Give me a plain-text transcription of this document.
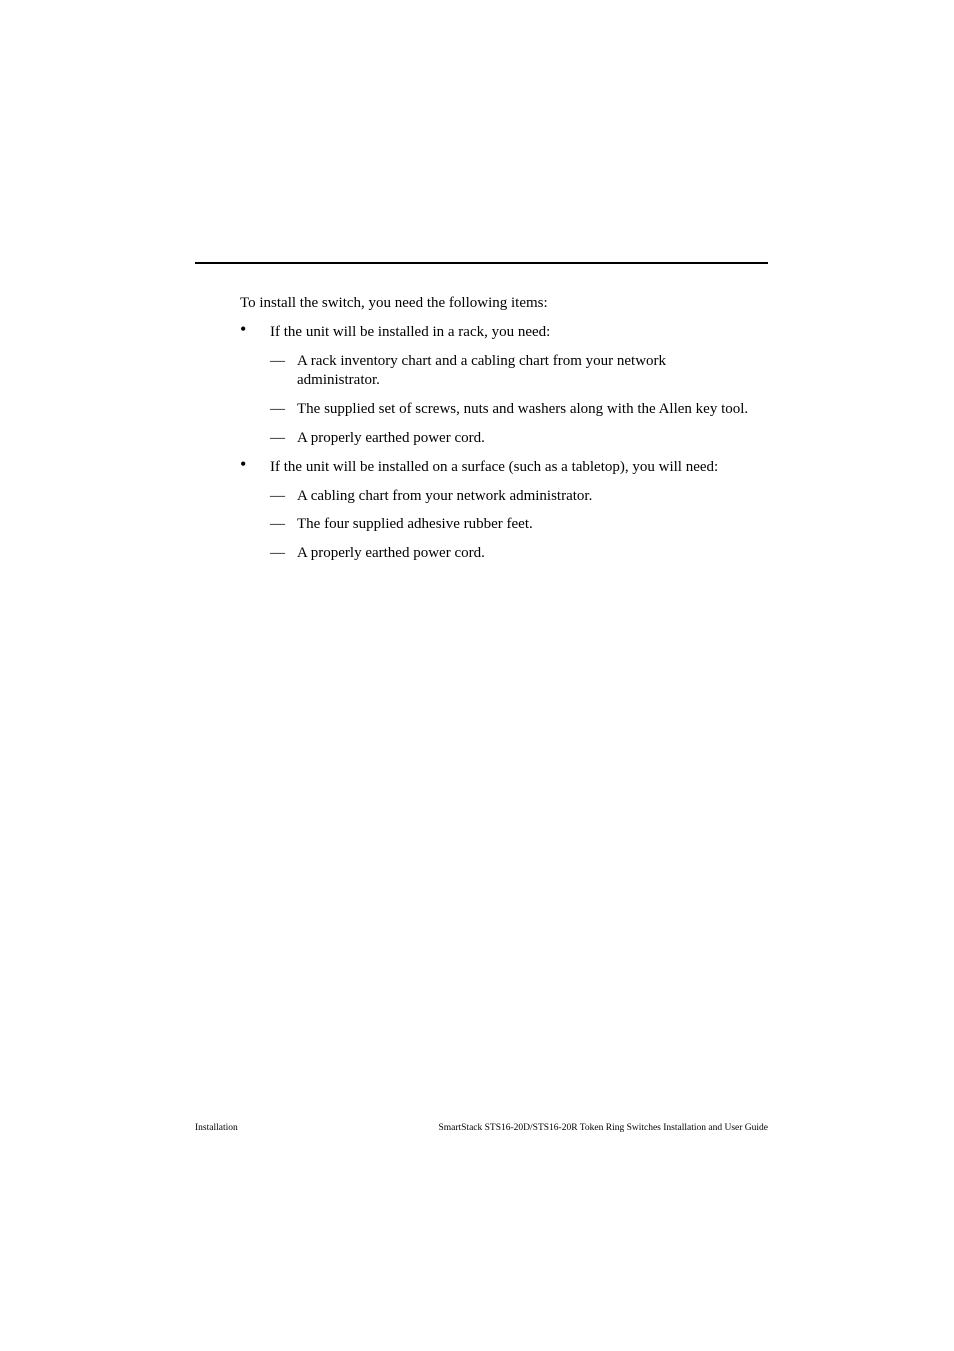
To install the switch, you need the following items:
• If the unit will be installed in a rack, you need:
— A rack inventory chart and a cabling chart from your network administrator.
— The supplied set of screws, nuts and washers along with the Allen key tool.
— A properly earthed power cord.
• If the unit will be installed on a surface (such as a tabletop), you will need:
— A cabling chart from your network administrator.
— The four supplied adhesive rubber feet.
— A properly earthed power cord.
Installation	SmartStack STS16-20D/STS16-20R Token Ring Switches Installation and User Guide
